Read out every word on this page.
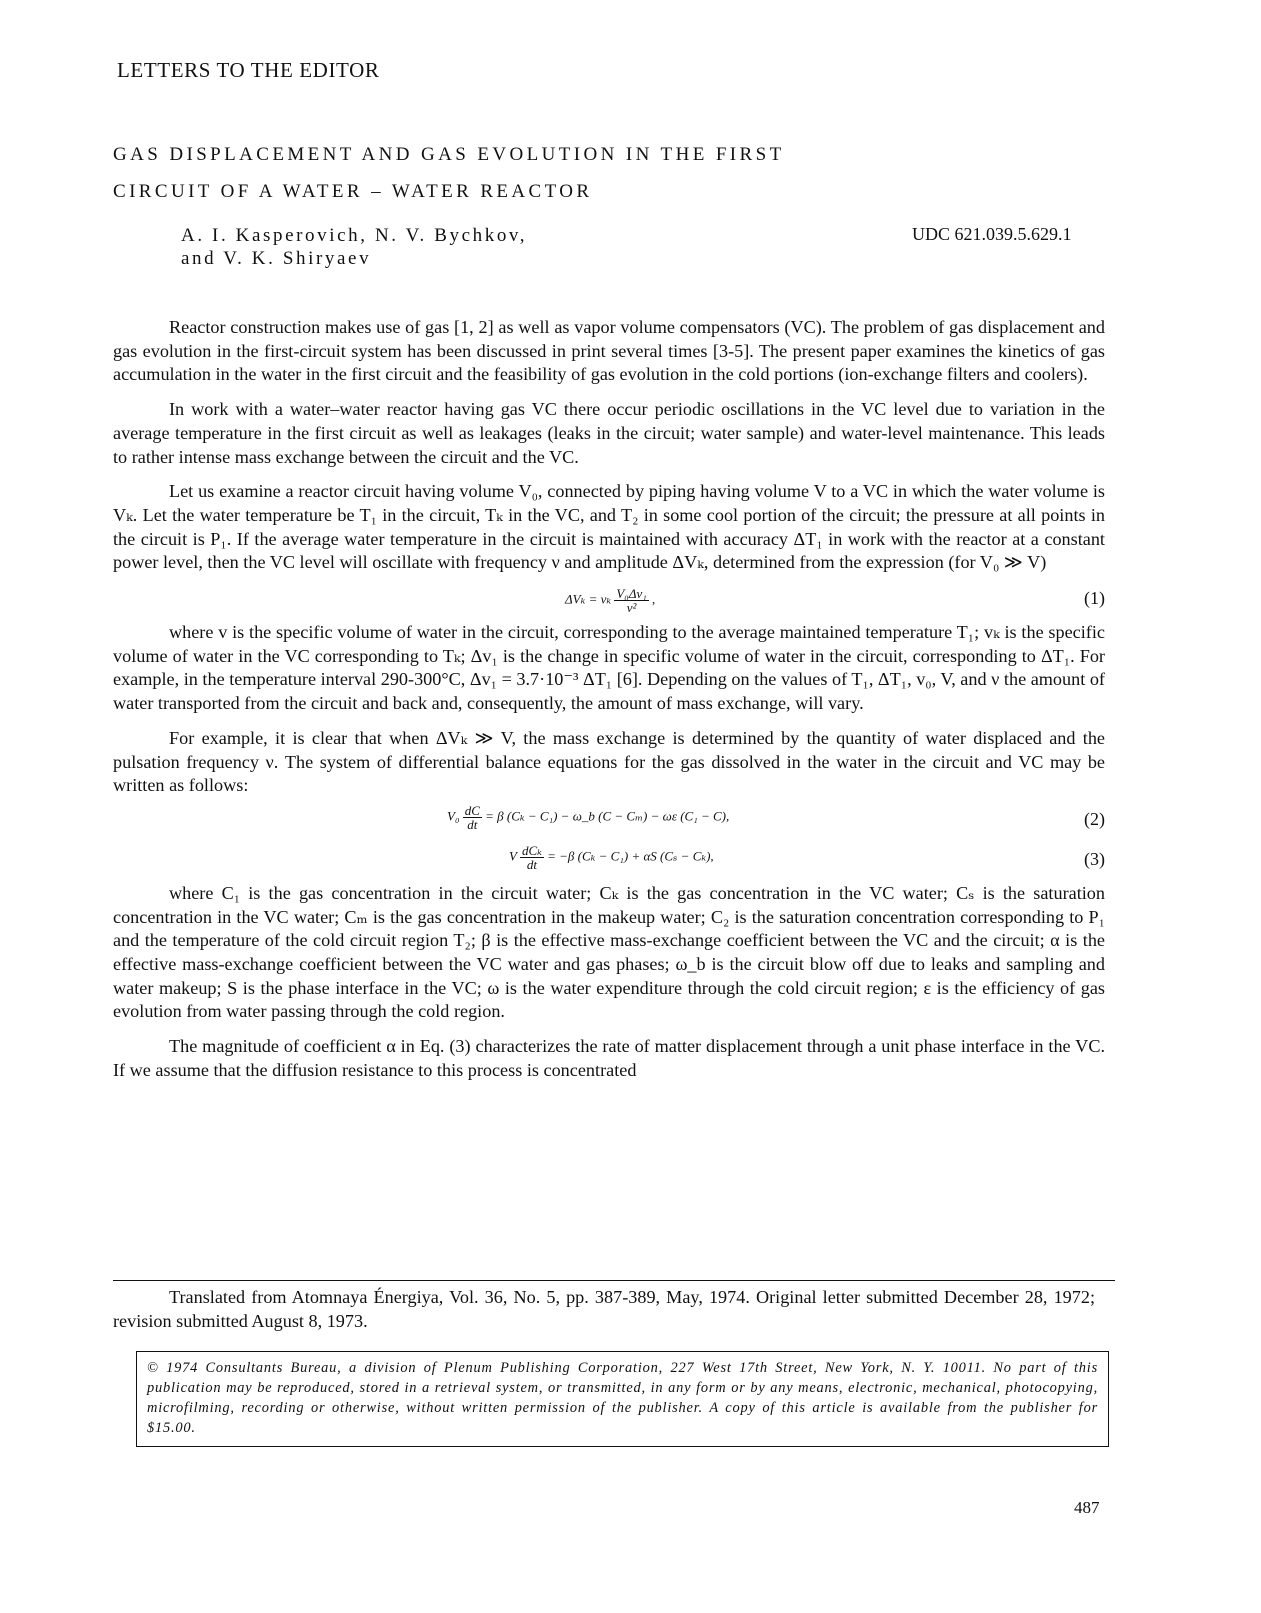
LETTERS TO THE EDITOR
GAS DISPLACEMENT AND GAS EVOLUTION IN THE FIRST
CIRCUIT OF A WATER – WATER REACTOR
A. I. Kasperovich, N. V. Bychkov,
and V. K. Shiryaev
UDC 621.039.5.629.1

Reactor construction makes use of gas [1, 2] as well as vapor volume compensators (VC). The problem of gas displacement and gas evolution in the first-circuit system has been discussed in print several times [3-5]. The present paper examines the kinetics of gas accumulation in the water in the first circuit and the feasibility of gas evolution in the cold portions (ion-exchange filters and coolers).

In work with a water–water reactor having gas VC there occur periodic oscillations in the VC level due to variation in the average temperature in the first circuit as well as leakages (leaks in the circuit; water sample) and water-level maintenance. This leads to rather intense mass exchange between the circuit and the VC.

Let us examine a reactor circuit having volume V₀, connected by piping having volume V to a VC in which the water volume is Vₖ. Let the water temperature be T₁ in the circuit, Tₖ in the VC, and T₂ in some cool portion of the circuit; the pressure at all points in the circuit is P₁. If the average water temperature in the circuit is maintained with accuracy ΔT₁ in work with the reactor at a constant power level, then the VC level will oscillate with frequency ν and amplitude ΔVₖ, determined from the expression (for V₀ ≫ V)

ΔVₖ = vₖ $\frac{\text{V₀Δv₁}}{\text{v²}}$ ,	(1)

where v is the specific volume of water in the circuit, corresponding to the average maintained temperature T₁; vₖ is the specific volume of water in the VC corresponding to Tₖ; Δv₁ is the change in specific volume of water in the circuit, corresponding to ΔT₁. For example, in the temperature interval 290-300°C, Δv₁ = 3.7·10⁻³ ΔT₁ [6]. Depending on the values of T₁, ΔT₁, v₀, V, and ν the amount of water transported from the circuit and back and, consequently, the amount of mass exchange, will vary.

For example, it is clear that when ΔVₖ ≫ V, the mass exchange is determined by the quantity of water displaced and the pulsation frequency ν. The system of differential balance equations for the gas dissolved in the water in the circuit and VC may be written as follows:

$V_0 \frac{dC}{dt} = \beta$ (Cₖ − C₁) − ω_b (C − Cₘ) − ωε (C₁ − C),	(2)
V $\frac{\text{dCₖ}}{dt} = -\beta$ (Cₖ − C₁) + αS (Cₛ − Cₖ),	(3)

where C₁ is the gas concentration in the circuit water; Cₖ is the gas concentration in the VC water; Cₛ is the saturation concentration in the VC water; Cₘ is the gas concentration in the makeup water; C₂ is the saturation concentration corresponding to P₁ and the temperature of the cold circuit region T₂; β is the effective mass-exchange coefficient between the VC and the circuit; α is the effective mass-exchange coefficient between the VC water and gas phases; ω_b is the circuit blow off due to leaks and sampling and water makeup; S is the phase interface in the VC; ω is the water expenditure through the cold circuit region; ε is the efficiency of gas evolution from water passing through the cold region.

The magnitude of coefficient α in Eq. (3) characterizes the rate of matter displacement through a unit phase interface in the VC. If we assume that the diffusion resistance to this process is concentrated

Translated from Atomnaya Énergiya, Vol. 36, No. 5, pp. 387-389, May, 1974. Original letter submitted December 28, 1972; revision submitted August 8, 1973.

© 1974 Consultants Bureau, a division of Plenum Publishing Corporation, 227 West 17th Street, New York, N. Y. 10011. No part of this publication may be reproduced, stored in a retrieval system, or transmitted, in any form or by any means, electronic, mechanical, photocopying, microfilming, recording or otherwise, without written permission of the publisher. A copy of this article is available from the publisher for $15.00.

487
